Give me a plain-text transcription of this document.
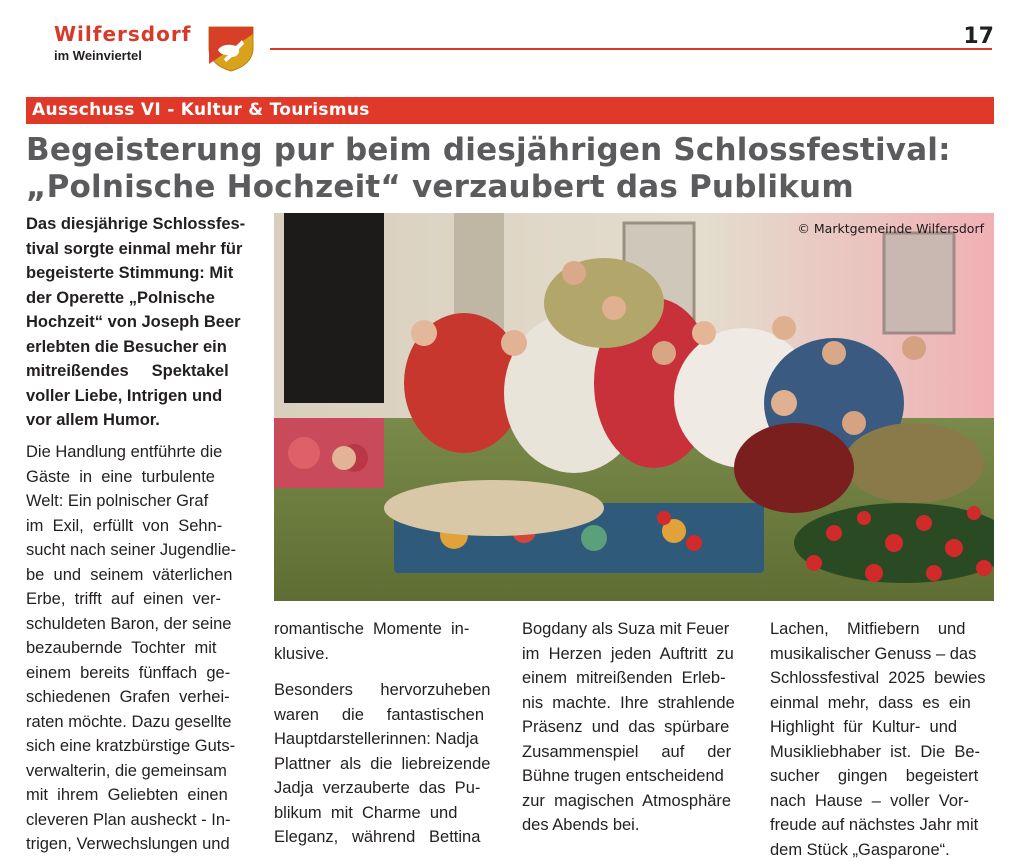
Wilfersdorf
im Weinviertel
17
Ausschuss VI - Kultur & Tourismus
Begeisterung pur beim diesjährigen Schlossfestival:
„Polnische Hochzeit“ verzaubert das Publikum

Das diesjährige Schlossfes-

tival sorgte einmal mehr für

begeisterte Stimmung: Mit

der Operette „Polnische

Hochzeit“ von Joseph Beer

erlebten die Besucher ein

mitreißendes     Spektakel

voller Liebe, Intrigen und

vor allem Humor.

Die Handlung entführte die

Gäste  in  eine  turbulente

Welt: Ein polnischer Graf

im  Exil,  erfüllt  von  Sehn-

sucht nach seiner Jugendlie-

be  und  seinem  väterlichen

Erbe,  trifft  auf  einen  ver-

schuldeten Baron, der seine

bezaubernde  Tochter  mit

einem  bereits  fünffach  ge-

schiedenen  Grafen  verhei-

raten möchte. Dazu gesellte

sich eine kratzbürstige Guts-

verwalterin, die gemeinsam

mit  ihrem  Geliebten  einen

cleveren Plan ausheckt - In-

trigen, Verwechslungen und

© Marktgemeinde Wilfersdorf

romantische  Momente  in-

klusive.

Besonders      hervorzuheben

waren     die     fantastischen

Hauptdarstellerinnen: Nadja

Plattner  als  die  liebreizende

Jadja  verzauberte  das  Pu-

blikum  mit  Charme  und

Eleganz,   während   Bettina

Bogdany als Suza mit Feuer

im  Herzen  jeden  Auftritt  zu

einem  mitreißenden  Erleb-

nis  machte.  Ihre  strahlende

Präsenz  und  das  spürbare

Zusammenspiel     auf     der

Bühne trugen entscheidend

zur  magischen  Atmosphäre

des Abends bei.

Lachen,    Mitfiebern    und

musikalischer Genuss – das

Schlossfestival  2025  bewies

einmal  mehr,  dass  es  ein

Highlight  für  Kultur-  und

Musikliebhaber  ist.  Die  Be-

sucher    gingen    begeistert

nach  Hause  –  voller  Vor-

freude auf nächstes Jahr mit

dem Stück „Gasparone“.
